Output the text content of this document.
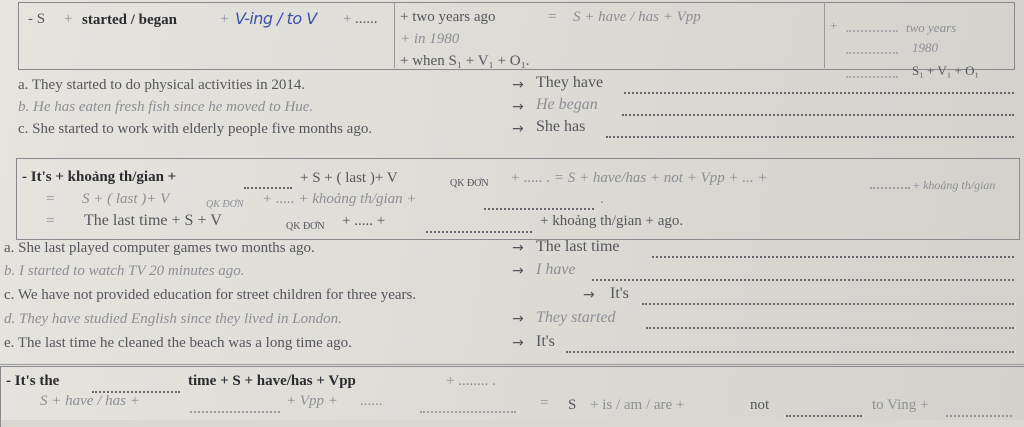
- S + started / began	+ V-ing / to V + ...... + two years ago
+ in 1980
+ when S₁ + V₁ + O₁.
= S + have / has + Vpp
+	two years
1980
S₁ + V₁ + O₁
a. They started to do physical activities in 2014.	→ They have
b. He has eaten fresh fish since he moved to Hue.	→ He began
c. She started to work with elderly people five months ago.	→ She has
- It's + khoảng th/gian +	+ S + ( last )+ V	QK ĐƠN + ..... . = S + have/has + not + Vpp + ... +	+ khoảng th/gian
= S + ( last )+ V	QK ĐƠN + ..... + khoảng th/gian +	.
= The last time + S + V	QK ĐƠN + ..... +	+ khoảng th/gian + ago.
a. She last played computer games two months ago.	→ The last time
b. I started to watch TV 20 minutes ago.	→ I have
c. We have not provided education for street children for three years.	→ It's
d. They have studied English since they lived in London.	→ They started
e. The last time he cleaned the beach was a long time ago.	→ It's
- It's the	time + S + have/has + Vpp	+ ........ .
S + have / has +	+ Vpp + ......	= S + is / am / are +	not	to Ving +
